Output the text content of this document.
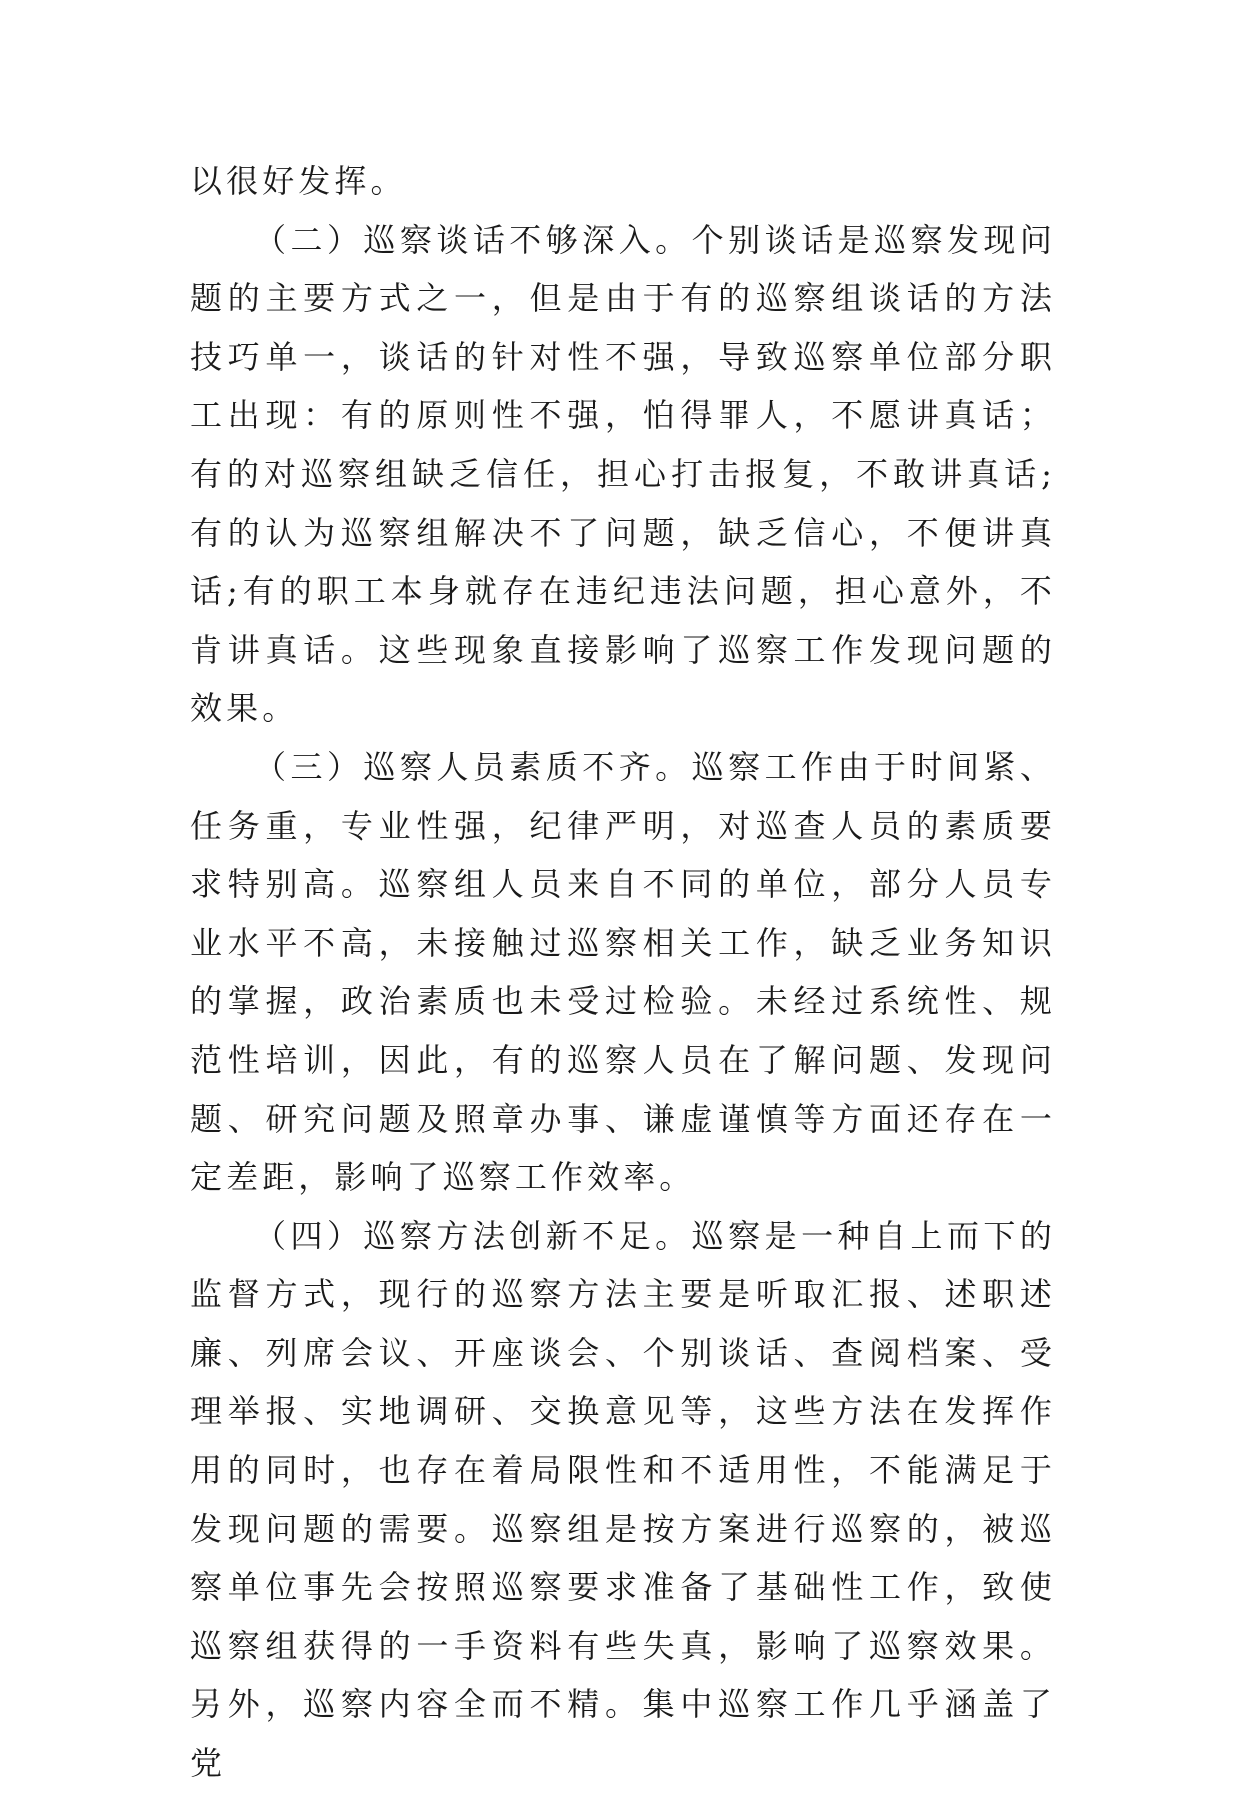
以很好发挥。

（二）巡察谈话不够深入。个别谈话是巡察发现问题的主要方式之一，但是由于有的巡察组谈话的方法技巧单一，谈话的针对性不强，导致巡察单位部分职工出现：有的原则性不强，怕得罪人，不愿讲真话；有的对巡察组缺乏信任，担心打击报复，不敢讲真话;有的认为巡察组解决不了问题，缺乏信心，不便讲真话;有的职工本身就存在违纪违法问题，担心意外，不肯讲真话。这些现象直接影响了巡察工作发现问题的效果。

（三）巡察人员素质不齐。巡察工作由于时间紧、任务重，专业性强，纪律严明，对巡查人员的素质要求特别高。巡察组人员来自不同的单位，部分人员专业水平不高，未接触过巡察相关工作，缺乏业务知识的掌握，政治素质也未受过检验。未经过系统性、规范性培训，因此，有的巡察人员在了解问题、发现问题、研究问题及照章办事、谦虚谨慎等方面还存在一定差距，影响了巡察工作效率。

（四）巡察方法创新不足。巡察是一种自上而下的监督方式，现行的巡察方法主要是听取汇报、述职述廉、列席会议、开座谈会、个别谈话、查阅档案、受理举报、实地调研、交换意见等，这些方法在发挥作用的同时，也存在着局限性和不适用性，不能满足于发现问题的需要。巡察组是按方案进行巡察的，被巡察单位事先会按照巡察要求准备了基础性工作，致使巡察组获得的一手资料有些失真，影响了巡察效果。另外，巡察内容全而不精。集中巡察工作几乎涵盖了党
